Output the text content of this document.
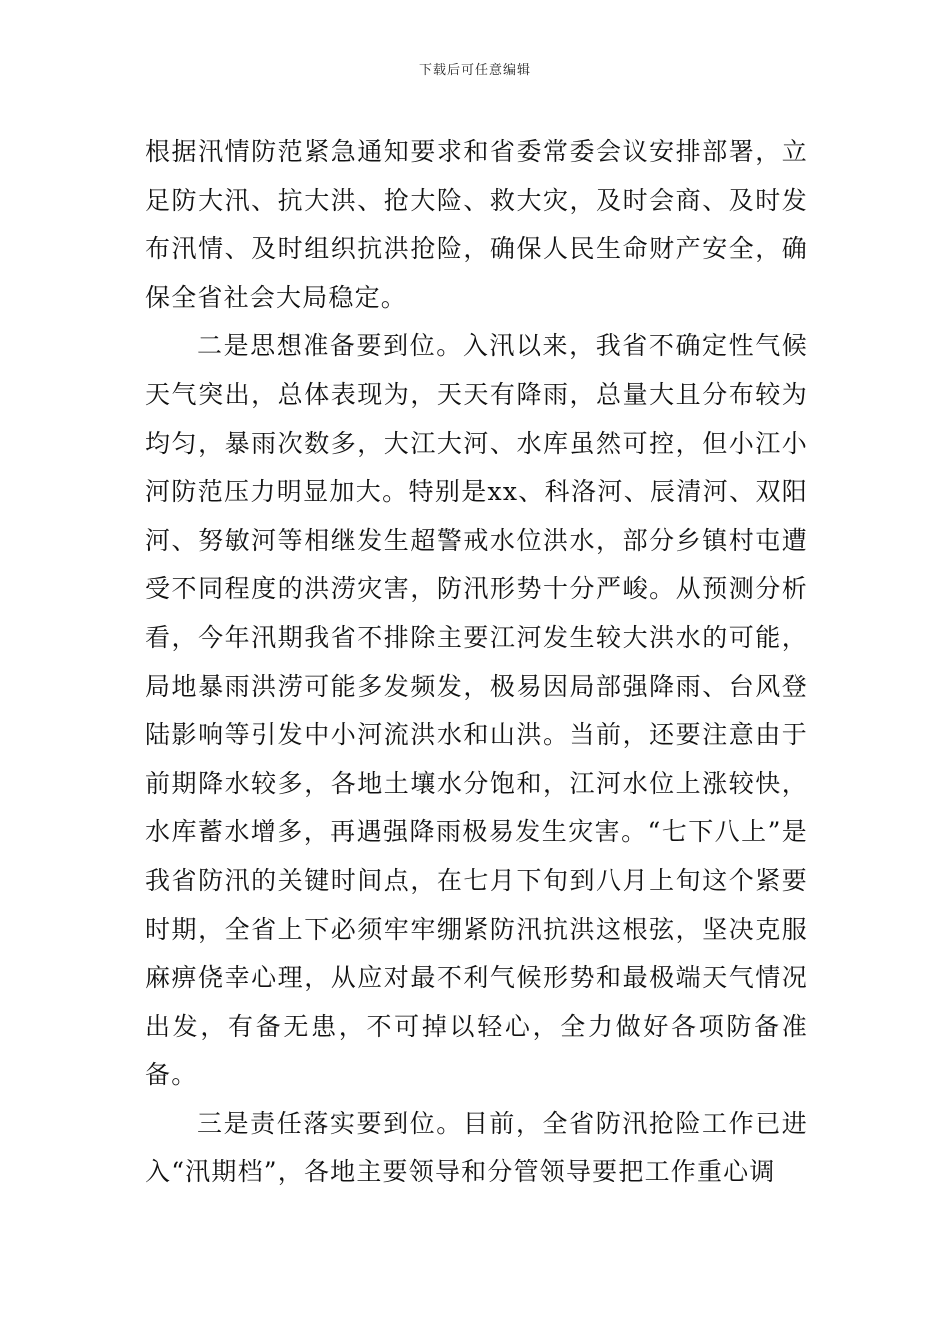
下载后可任意编辑

根据汛情防范紧急通知要求和省委常委会议安排部署，立足防大汛、抗大洪、抢大险、救大灾，及时会商、及时发布汛情、及时组织抗洪抢险，确保人民生命财产安全，确保全省社会大局稳定。

二是思想准备要到位。入汛以来，我省不确定性气候天气突出，总体表现为，天天有降雨，总量大且分布较为均匀，暴雨次数多，大江大河、水库虽然可控，但小江小河防范压力明显加大。特别是xx、科洛河、辰清河、双阳河、努敏河等相继发生超警戒水位洪水，部分乡镇村屯遭受不同程度的洪涝灾害，防汛形势十分严峻。从预测分析看，今年汛期我省不排除主要江河发生较大洪水的可能，局地暴雨洪涝可能多发频发，极易因局部强降雨、台风登陆影响等引发中小河流洪水和山洪。当前，还要注意由于前期降水较多，各地土壤水分饱和，江河水位上涨较快，水库蓄水增多，再遇强降雨极易发生灾害。“七下八上”是我省防汛的关键时间点，在七月下旬到八月上旬这个紧要时期，全省上下必须牢牢绷紧防汛抗洪这根弦，坚决克服麻痹侥幸心理，从应对最不利气候形势和最极端天气情况出发，有备无患，不可掉以轻心，全力做好各项防备准备。

三是责任落实要到位。目前，全省防汛抢险工作已进入“汛期档”，各地主要领导和分管领导要把工作重心调
